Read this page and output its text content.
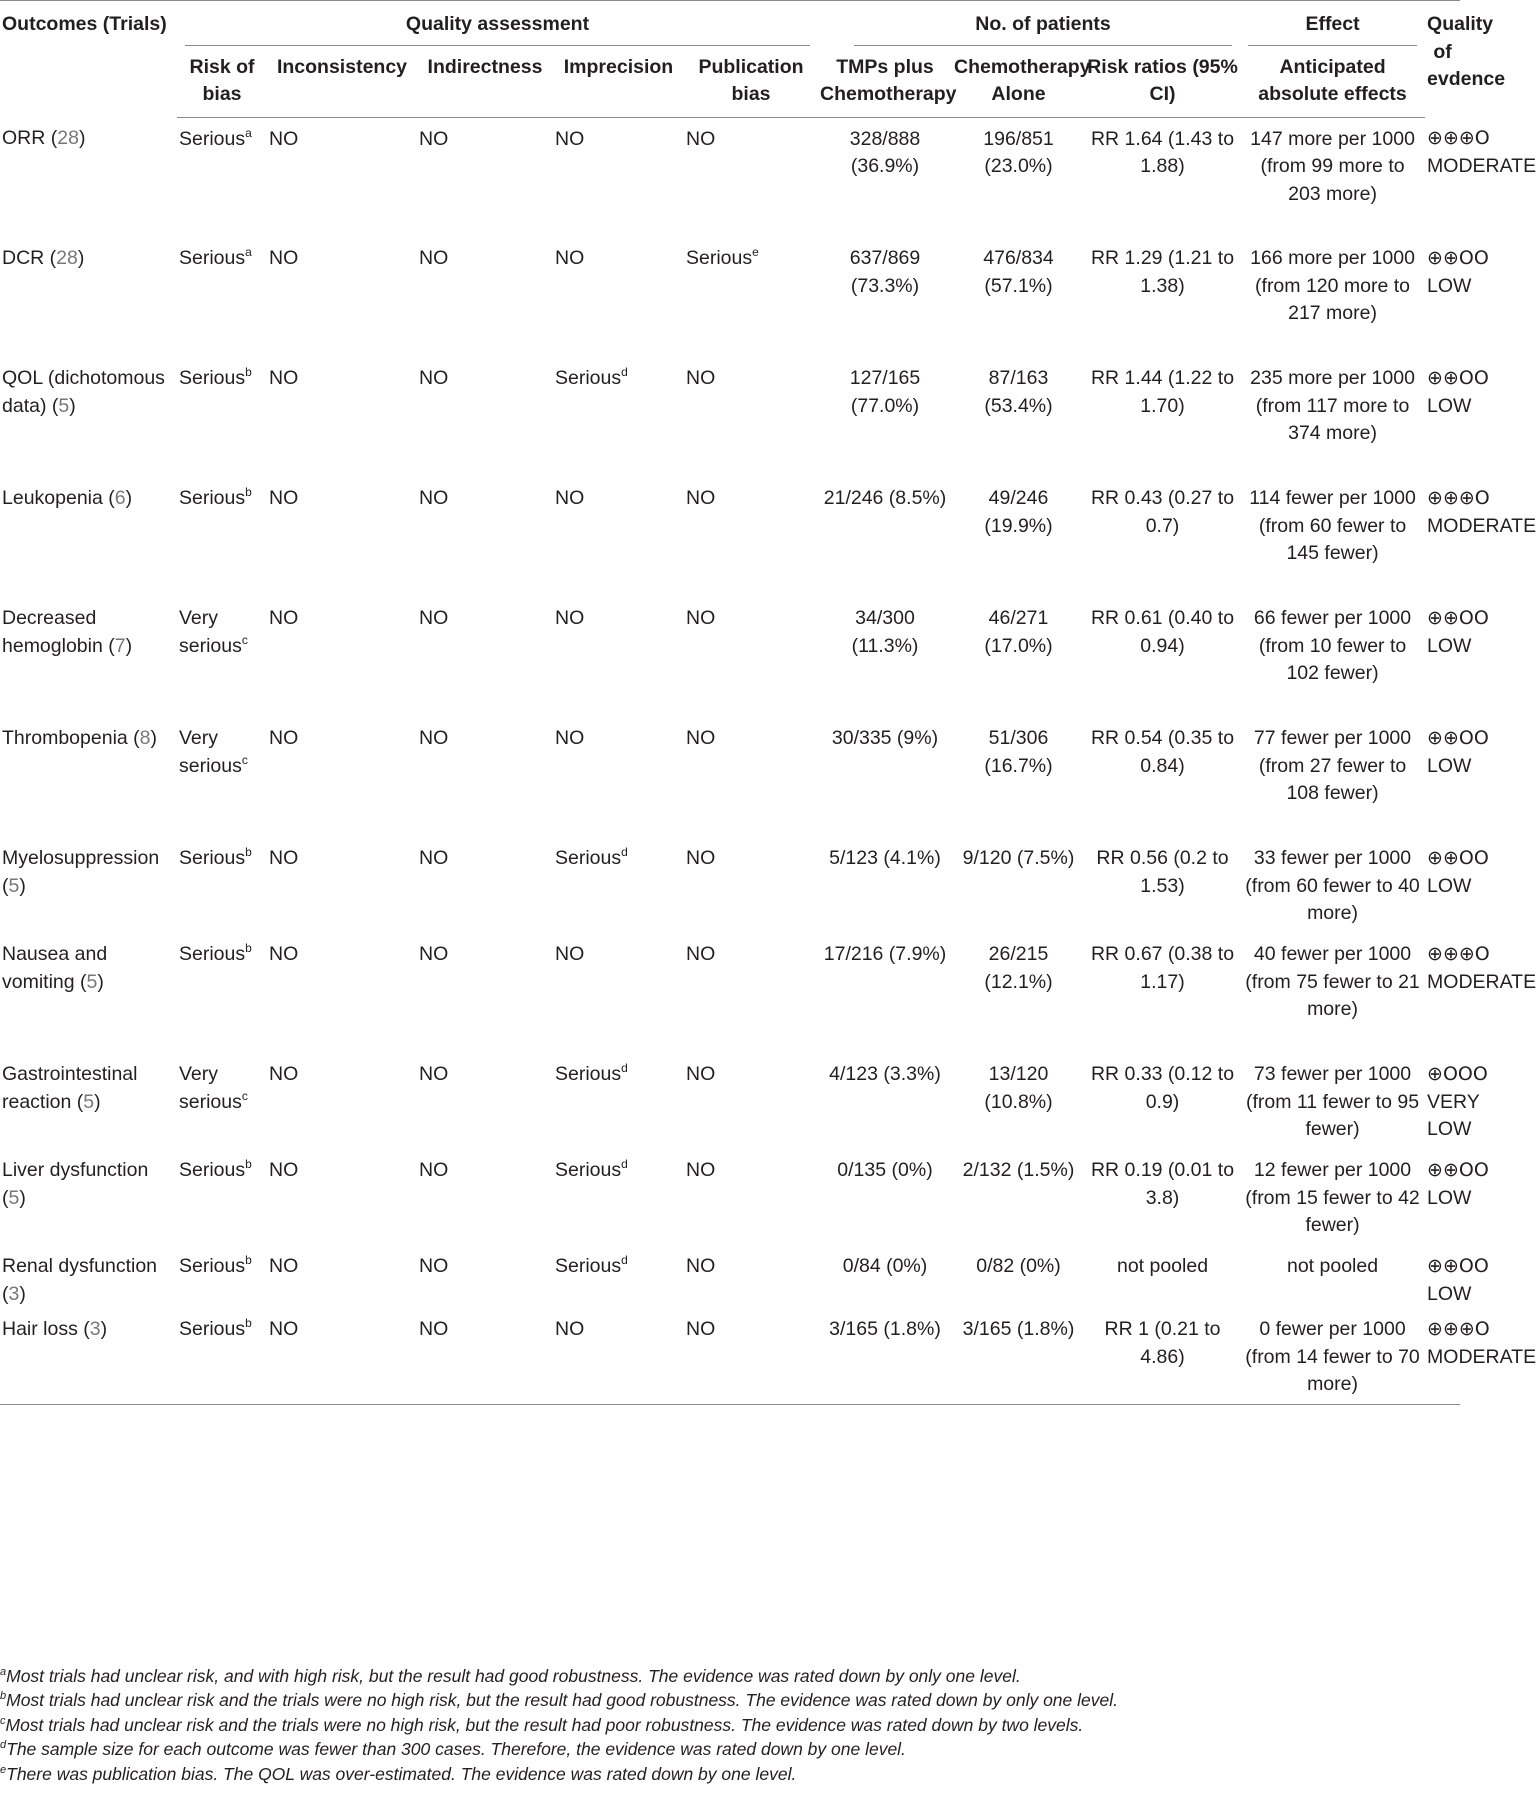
Outcomes (Trials)	Quality assessment					No. of patients			Effect	Quality of evdence
	Risk of bias	Inconsistency	Indirectness	Imprecision	Publication bias	TMPs plus Chemotherapy	Chemotherapy Alone	Risk ratios (95% CI)	Anticipated absolute effects	
ORR (28)	Serious$^a$	NO	NO	NO	NO	328/888 (36.9%)	196/851 (23.0%)	RR 1.64 (1.43 to 1.88)	147 more per 1000 (from 99 more to 203 more)	⊕⊕⊕O
MODERATE
DCR (28)	Serious$^a$	NO	NO	NO	Serious$^e$	637/869 (73.3%)	476/834 (57.1%)	RR 1.29 (1.21 to 1.38)	166 more per 1000 (from 120 more to 217 more)	⊕⊕OO
LOW
QOL (dichotomous data) (5)	Serious$^b$	NO	NO	Serious$^d$	NO	127/165 (77.0%)	87/163 (53.4%)	RR 1.44 (1.22 to 1.70)	235 more per 1000 (from 117 more to 374 more)	⊕⊕OO
LOW
Leukopenia (6)	Serious$^b$	NO	NO	NO	NO	21/246 (8.5%)	49/246 (19.9%)	RR 0.43 (0.27 to 0.7)	114 fewer per 1000 (from 60 fewer to 145 fewer)	⊕⊕⊕O
MODERATE
Decreased hemoglobin (7)	Very serious$^c$	NO	NO	NO	NO	34/300 (11.3%)	46/271 (17.0%)	RR 0.61 (0.40 to 0.94)	66 fewer per 1000 (from 10 fewer to 102 fewer)	⊕⊕OO
LOW
Thrombopenia (8)	Very serious$^c$	NO	NO	NO	NO	30/335 (9%)	51/306 (16.7%)	RR 0.54 (0.35 to 0.84)	77 fewer per 1000 (from 27 fewer to 108 fewer)	⊕⊕OO
LOW
Myelosuppression (5)	Serious$^b$	NO	NO	Serious$^d$	NO	5/123 (4.1%)	9/120 (7.5%)	RR 0.56 (0.2 to 1.53)	33 fewer per 1000 (from 60 fewer to 40 more)	⊕⊕OO
LOW
Nausea and vomiting (5)	Serious$^b$	NO	NO	NO	NO	17/216 (7.9%)	26/215 (12.1%)	RR 0.67 (0.38 to 1.17)	40 fewer per 1000 (from 75 fewer to 21 more)	⊕⊕⊕O
MODERATE
Gastrointestinal reaction (5)	Very serious$^c$	NO	NO	Serious$^d$	NO	4/123 (3.3%)	13/120 (10.8%)	RR 0.33 (0.12 to 0.9)	73 fewer per 1000 (from 11 fewer to 95 fewer)	⊕OOO
VERY LOW
Liver dysfunction (5)	Serious$^b$	NO	NO	Serious$^d$	NO	0/135 (0%)	2/132 (1.5%)	RR 0.19 (0.01 to 3.8)	12 fewer per 1000 (from 15 fewer to 42 fewer)	⊕⊕OO
LOW
Renal dysfunction (3)	Serious$^b$	NO	NO	Serious$^d$	NO	0/84 (0%)	0/82 (0%)	not pooled	not pooled	⊕⊕OO
LOW
Hair loss (3)	Serious$^b$	NO	NO	NO	NO	3/165 (1.8%)	3/165 (1.8%)	RR 1 (0.21 to 4.86)	0 fewer per 1000 (from 14 fewer to 70 more)	⊕⊕⊕O
MODERATE
$^a$Most trials had unclear risk, and with high risk, but the result had good robustness. The evidence was rated down by only one level.
$^b$Most trials had unclear risk and the trials were no high risk, but the result had good robustness. The evidence was rated down by only one level.
$^c$Most trials had unclear risk and the trials were no high risk, but the result had poor robustness. The evidence was rated down by two levels.
$^d$The sample size for each outcome was fewer than 300 cases. Therefore, the evidence was rated down by one level.
$^e$There was publication bias. The QOL was over-estimated. The evidence was rated down by one level.
